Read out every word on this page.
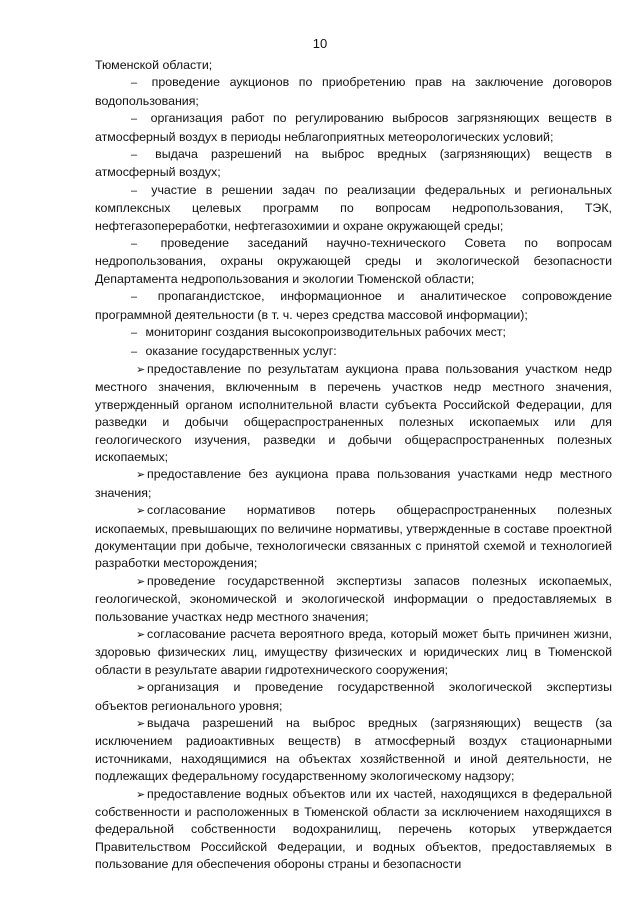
10

Тюменской области;

– проведение аукционов по приобретению прав на заключение договоров водопользования;

– организация работ по регулированию выбросов загрязняющих веществ в атмосферный воздух в периоды неблагоприятных метеорологических условий;

– выдача разрешений на выброс вредных (загрязняющих) веществ в атмосферный воздух;

– участие в решении задач по реализации федеральных и региональных комплексных целевых программ по вопросам недропользования, ТЭК, нефтегазопереработки, нефтегазохимии и охране окружающей среды;

– проведение заседаний научно-технического Совета по вопросам недропользования, охраны окружающей среды и экологической безопасности Департамента недропользования и экологии Тюменской области;

– пропагандистское, информационное и аналитическое сопровождение программной деятельности (в т. ч. через средства массовой информации);

– мониторинг создания высокопроизводительных рабочих мест;

– оказание государственных услуг:

➢ предоставление по результатам аукциона права пользования участком недр местного значения, включенным в перечень участков недр местного значения, утвержденный органом исполнительной власти субъекта Российской Федерации, для разведки и добычи общераспространенных полезных ископаемых или для геологического изучения, разведки и добычи общераспространенных полезных ископаемых;

➢ предоставление без аукциона права пользования участками недр местного значения;

➢ согласование нормативов потерь общераспространенных полезных ископаемых, превышающих по величине нормативы, утвержденные в составе проектной документации при добыче, технологически связанных с принятой схемой и технологией разработки месторождения;

➢ проведение государственной экспертизы запасов полезных ископаемых, геологической, экономической и экологической информации о предоставляемых в пользование участках недр местного значения;

➢ согласование расчета вероятного вреда, который может быть причинен жизни, здоровью физических лиц, имуществу физических и юридических лиц в Тюменской области в результате аварии гидротехнического сооружения;

➢ организация и проведение государственной экологической экспертизы объектов регионального уровня;

➢ выдача разрешений на выброс вредных (загрязняющих) веществ (за исключением радиоактивных веществ) в атмосферный воздух стационарными источниками, находящимися на объектах хозяйственной и иной деятельности, не подлежащих федеральному государственному экологическому надзору;

➢ предоставление водных объектов или их частей, находящихся в федеральной собственности и расположенных в Тюменской области за исключением находящихся в федеральной собственности водохранилищ, перечень которых утверждается Правительством Российской Федерации, и водных объектов, предоставляемых в пользование для обеспечения обороны страны и безопасности
